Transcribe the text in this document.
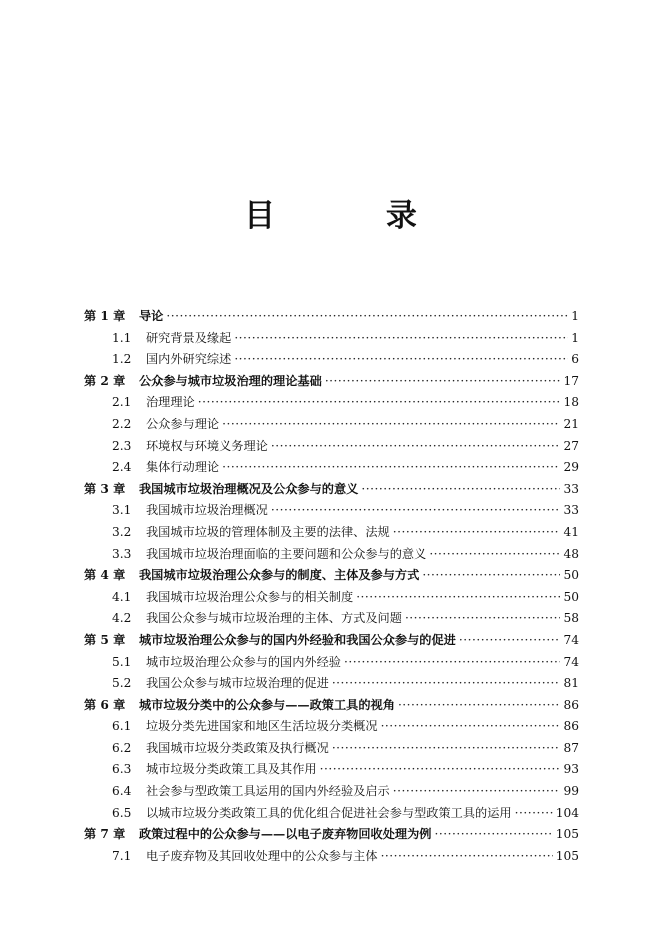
目 录
第 1 章	导论 ·····	1
1.1	研究背景及缘起 ·····	1
1.2	国内外研究综述 ·····	6
第 2 章	公众参与城市垃圾治理的理论基础 ·····	17
2.1	治理理论 ·····	18
2.2	公众参与理论 ·····	21
2.3	环境权与环境义务理论 ·····	27
2.4	集体行动理论 ·····	29
第 3 章	我国城市垃圾治理概况及公众参与的意义 ·····	33
3.1	我国城市垃圾治理概况 ·····	33
3.2	我国城市垃圾的管理体制及主要的法律、法规 ·····	41
3.3	我国城市垃圾治理面临的主要问题和公众参与的意义 ·····	48
第 4 章	我国城市垃圾治理公众参与的制度、主体及参与方式 ·····	50
4.1	我国城市垃圾治理公众参与的相关制度 ·····	50
4.2	我国公众参与城市垃圾治理的主体、方式及问题 ·····	58
第 5 章	城市垃圾治理公众参与的国内外经验和我国公众参与的促进 ·····	74
5.1	城市垃圾治理公众参与的国内外经验 ·····	74
5.2	我国公众参与城市垃圾治理的促进 ·····	81
第 6 章	城市垃圾分类中的公众参与——政策工具的视角 ·····	86
6.1	垃圾分类先进国家和地区生活垃圾分类概况 ·····	86
6.2	我国城市垃圾分类政策及执行概况 ·····	87
6.3	城市垃圾分类政策工具及其作用 ·····	93
6.4	社会参与型政策工具运用的国内外经验及启示 ·····	99
6.5	以城市垃圾分类政策工具的优化组合促进社会参与型政策工具的运用 ·····	104
第 7 章	政策过程中的公众参与——以电子废弃物回收处理为例 ·····	105
7.1	电子废弃物及其回收处理中的公众参与主体 ·····	105
